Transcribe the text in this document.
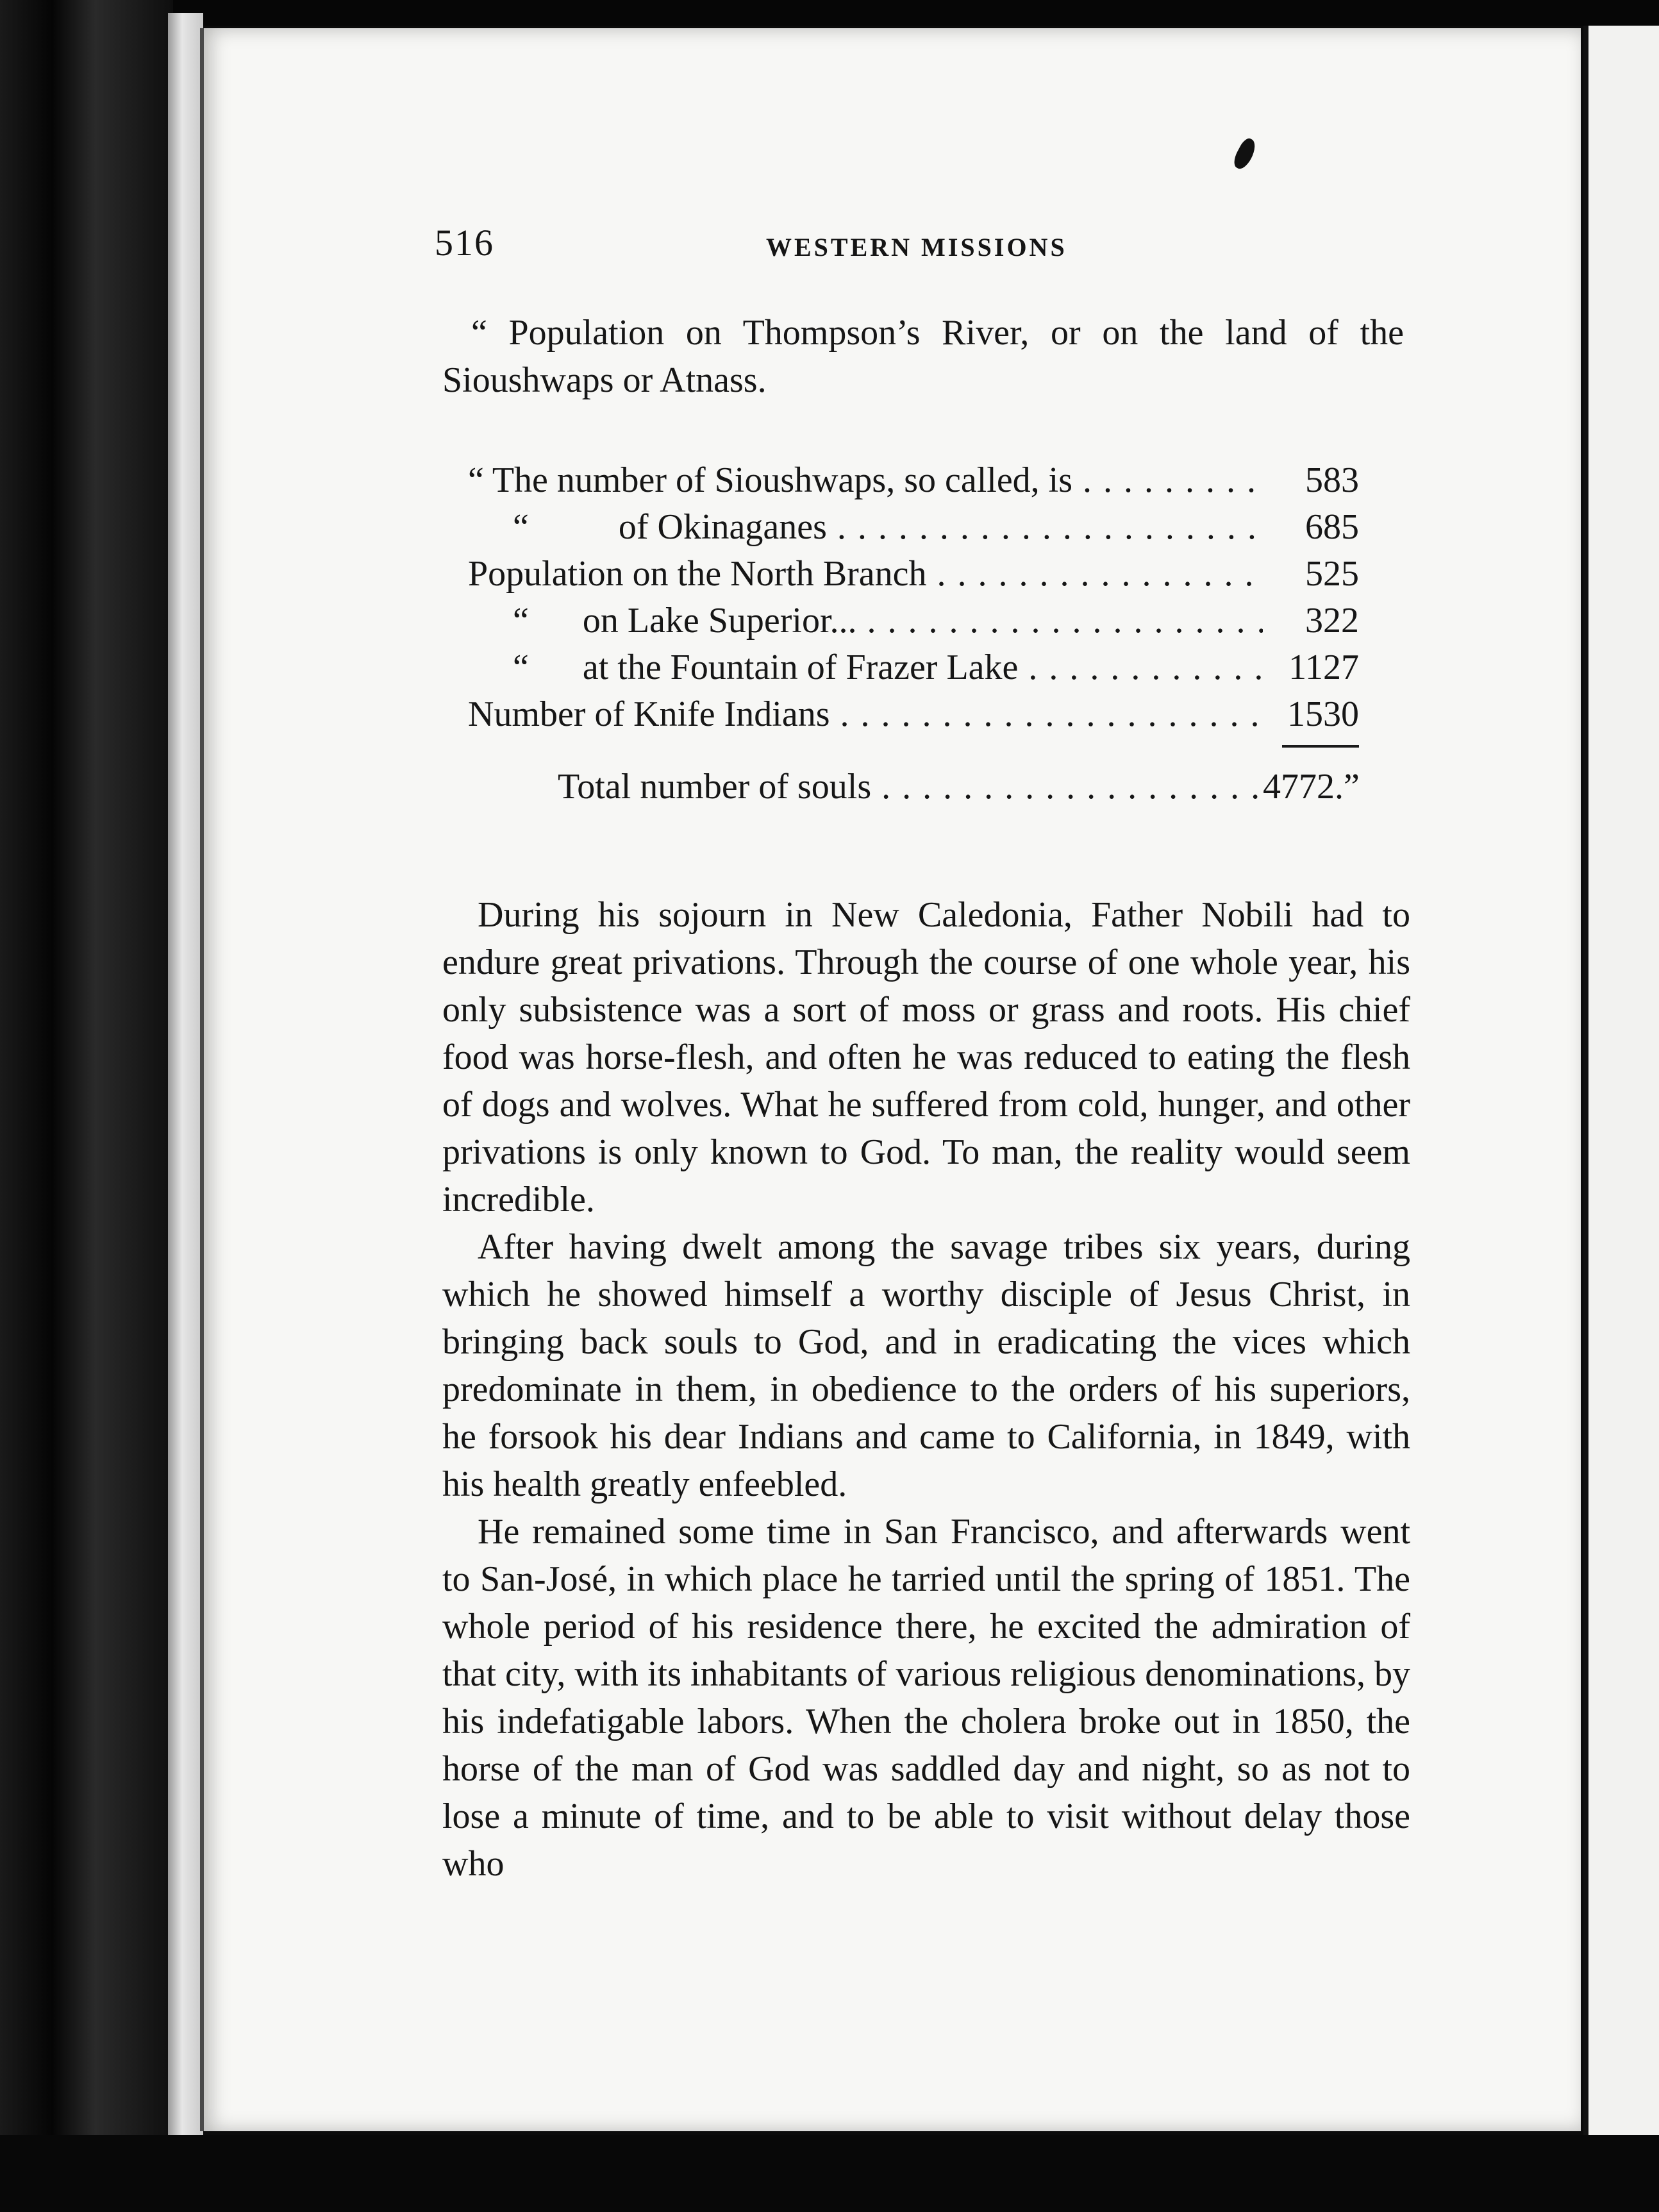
516	WESTERN MISSIONS
“ Population on Thompson’s River, or on the land of the Sioushwaps or Atnass.
“ The number of Sioushwaps, so called, is . . .	583
“          of Okinaganes . . .	685
Population on the North Branch . . .	525
“      on Lake Superior... . . .	322
“      at the Fountain of Frazer Lake . . .	1127
Number of Knife Indians . . .	1530
Total number of souls . . .	4772.”

During his sojourn in New Caledonia, Father Nobili had to endure great privations. Through the course of one whole year, his only subsistence was a sort of moss or grass and roots. His chief food was horse-flesh, and often he was reduced to eating the flesh of dogs and wolves. What he suffered from cold, hunger, and other privations is only known to God. To man, the reality would seem incredible.

After having dwelt among the savage tribes six years, during which he showed himself a worthy disciple of Jesus Christ, in bringing back souls to God, and in eradicating the vices which predominate in them, in obedience to the orders of his superiors, he forsook his dear Indians and came to California, in 1849, with his health greatly enfeebled.

He remained some time in San Francisco, and afterwards went to San-José, in which place he tarried until the spring of 1851. The whole period of his residence there, he excited the admiration of that city, with its inhabitants of various religious denominations, by his indefatigable labors. When the cholera broke out in 1850, the horse of the man of God was saddled day and night, so as not to lose a minute of time, and to be able to visit without delay those who
